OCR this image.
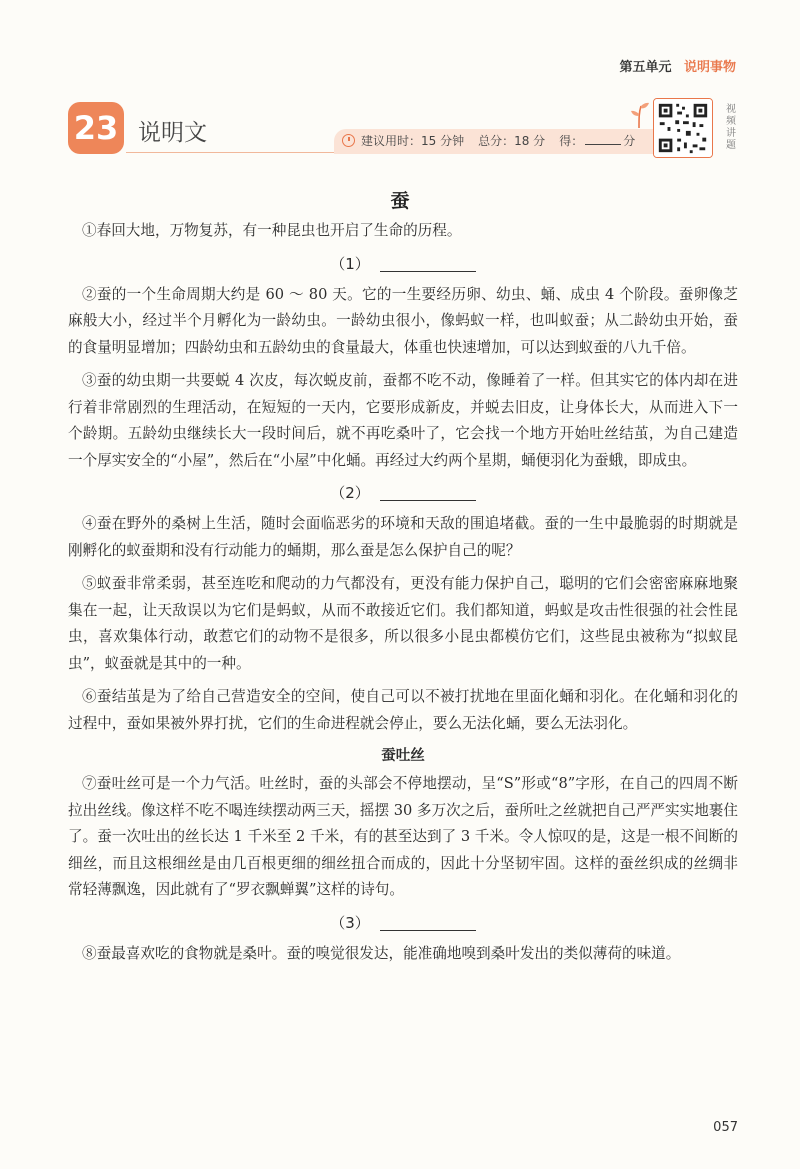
第五单元 说明事物
23 说明文	建议用时：15 分钟 总分：18 分 得：	分
视频讲题
蚕

①春回大地，万物复苏，有一种昆虫也开启了生命的历程。

（1）

②蚕的一个生命周期大约是 60 ～ 80 天。它的一生要经历卵、幼虫、蛹、成虫 4 个阶段。蚕卵像芝麻般大小，经过半个月孵化为一龄幼虫。一龄幼虫很小，像蚂蚁一样，也叫蚁蚕；从二龄幼虫开始，蚕的食量明显增加；四龄幼虫和五龄幼虫的食量最大，体重也快速增加，可以达到蚁蚕的八九千倍。

③蚕的幼虫期一共要蜕 4 次皮，每次蜕皮前，蚕都不吃不动，像睡着了一样。但其实它的体内却在进行着非常剧烈的生理活动，在短短的一天内，它要形成新皮，并蜕去旧皮，让身体长大，从而进入下一个龄期。五龄幼虫继续长大一段时间后，就不再吃桑叶了，它会找一个地方开始吐丝结茧，为自己建造一个厚实安全的“小屋”，然后在“小屋”中化蛹。再经过大约两个星期，蛹便羽化为蚕蛾，即成虫。

（2）

④蚕在野外的桑树上生活，随时会面临恶劣的环境和天敌的围追堵截。蚕的一生中最脆弱的时期就是刚孵化的蚁蚕期和没有行动能力的蛹期，那么蚕是怎么保护自己的呢？

⑤蚁蚕非常柔弱，甚至连吃和爬动的力气都没有，更没有能力保护自己，聪明的它们会密密麻麻地聚集在一起，让天敌误以为它们是蚂蚁，从而不敢接近它们。我们都知道，蚂蚁是攻击性很强的社会性昆虫，喜欢集体行动，敢惹它们的动物不是很多，所以很多小昆虫都模仿它们，这些昆虫被称为“拟蚁昆虫”，蚁蚕就是其中的一种。

⑥蚕结茧是为了给自己营造安全的空间，使自己可以不被打扰地在里面化蛹和羽化。在化蛹和羽化的过程中，蚕如果被外界打扰，它们的生命进程就会停止，要么无法化蛹，要么无法羽化。

蚕吐丝

⑦蚕吐丝可是一个力气活。吐丝时，蚕的头部会不停地摆动，呈“S”形或“8”字形，在自己的四周不断拉出丝线。像这样不吃不喝连续摆动两三天，摇摆 30 多万次之后，蚕所吐之丝就把自己严严实实地裹住了。蚕一次吐出的丝长达 1 千米至 2 千米，有的甚至达到了 3 千米。令人惊叹的是，这是一根不间断的细丝，而且这根细丝是由几百根更细的细丝扭合而成的，因此十分坚韧牢固。这样的蚕丝织成的丝绸非常轻薄飘逸，因此就有了“罗衣飘蝉翼”这样的诗句。

（3）

⑧蚕最喜欢吃的食物就是桑叶。蚕的嗅觉很发达，能准确地嗅到桑叶发出的类似薄荷的味道。

057
